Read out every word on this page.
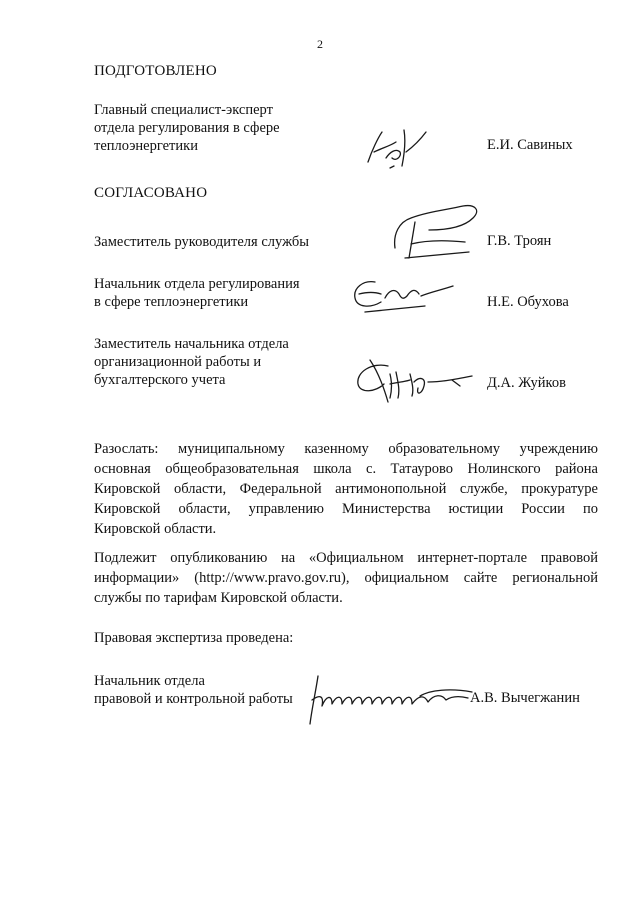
2
ПОДГОТОВЛЕНО
Главный специалист-эксперт
отдела регулирования в сфере
теплоэнергетики	Е.И. Савиных
СОГЛАСОВАНО
Заместитель руководителя службы	Г.В. Троян
Начальник отдела регулирования
в сфере теплоэнергетики	Н.Е. Обухова
Заместитель начальника отдела
организационной работы и
бухгалтерского учета	Д.А. Жуйков
Разослать: муниципальному казенному образовательному учреждению
основная общеобразовательная школа с. Татаурово Нолинского района
Кировской области, Федеральной антимонопольной службе, прокуратуре
Кировской области, управлению Министерства юстиции России по
Кировской области.
Подлежит опубликованию на «Официальном интернет-портале правовой
информации» (http://www.pravo.gov.ru), официальном сайте региональной
службы по тарифам Кировской области.
Правовая экспертиза проведена:
Начальник отдела
правовой и контрольной работы	А.В. Вычегжанин
